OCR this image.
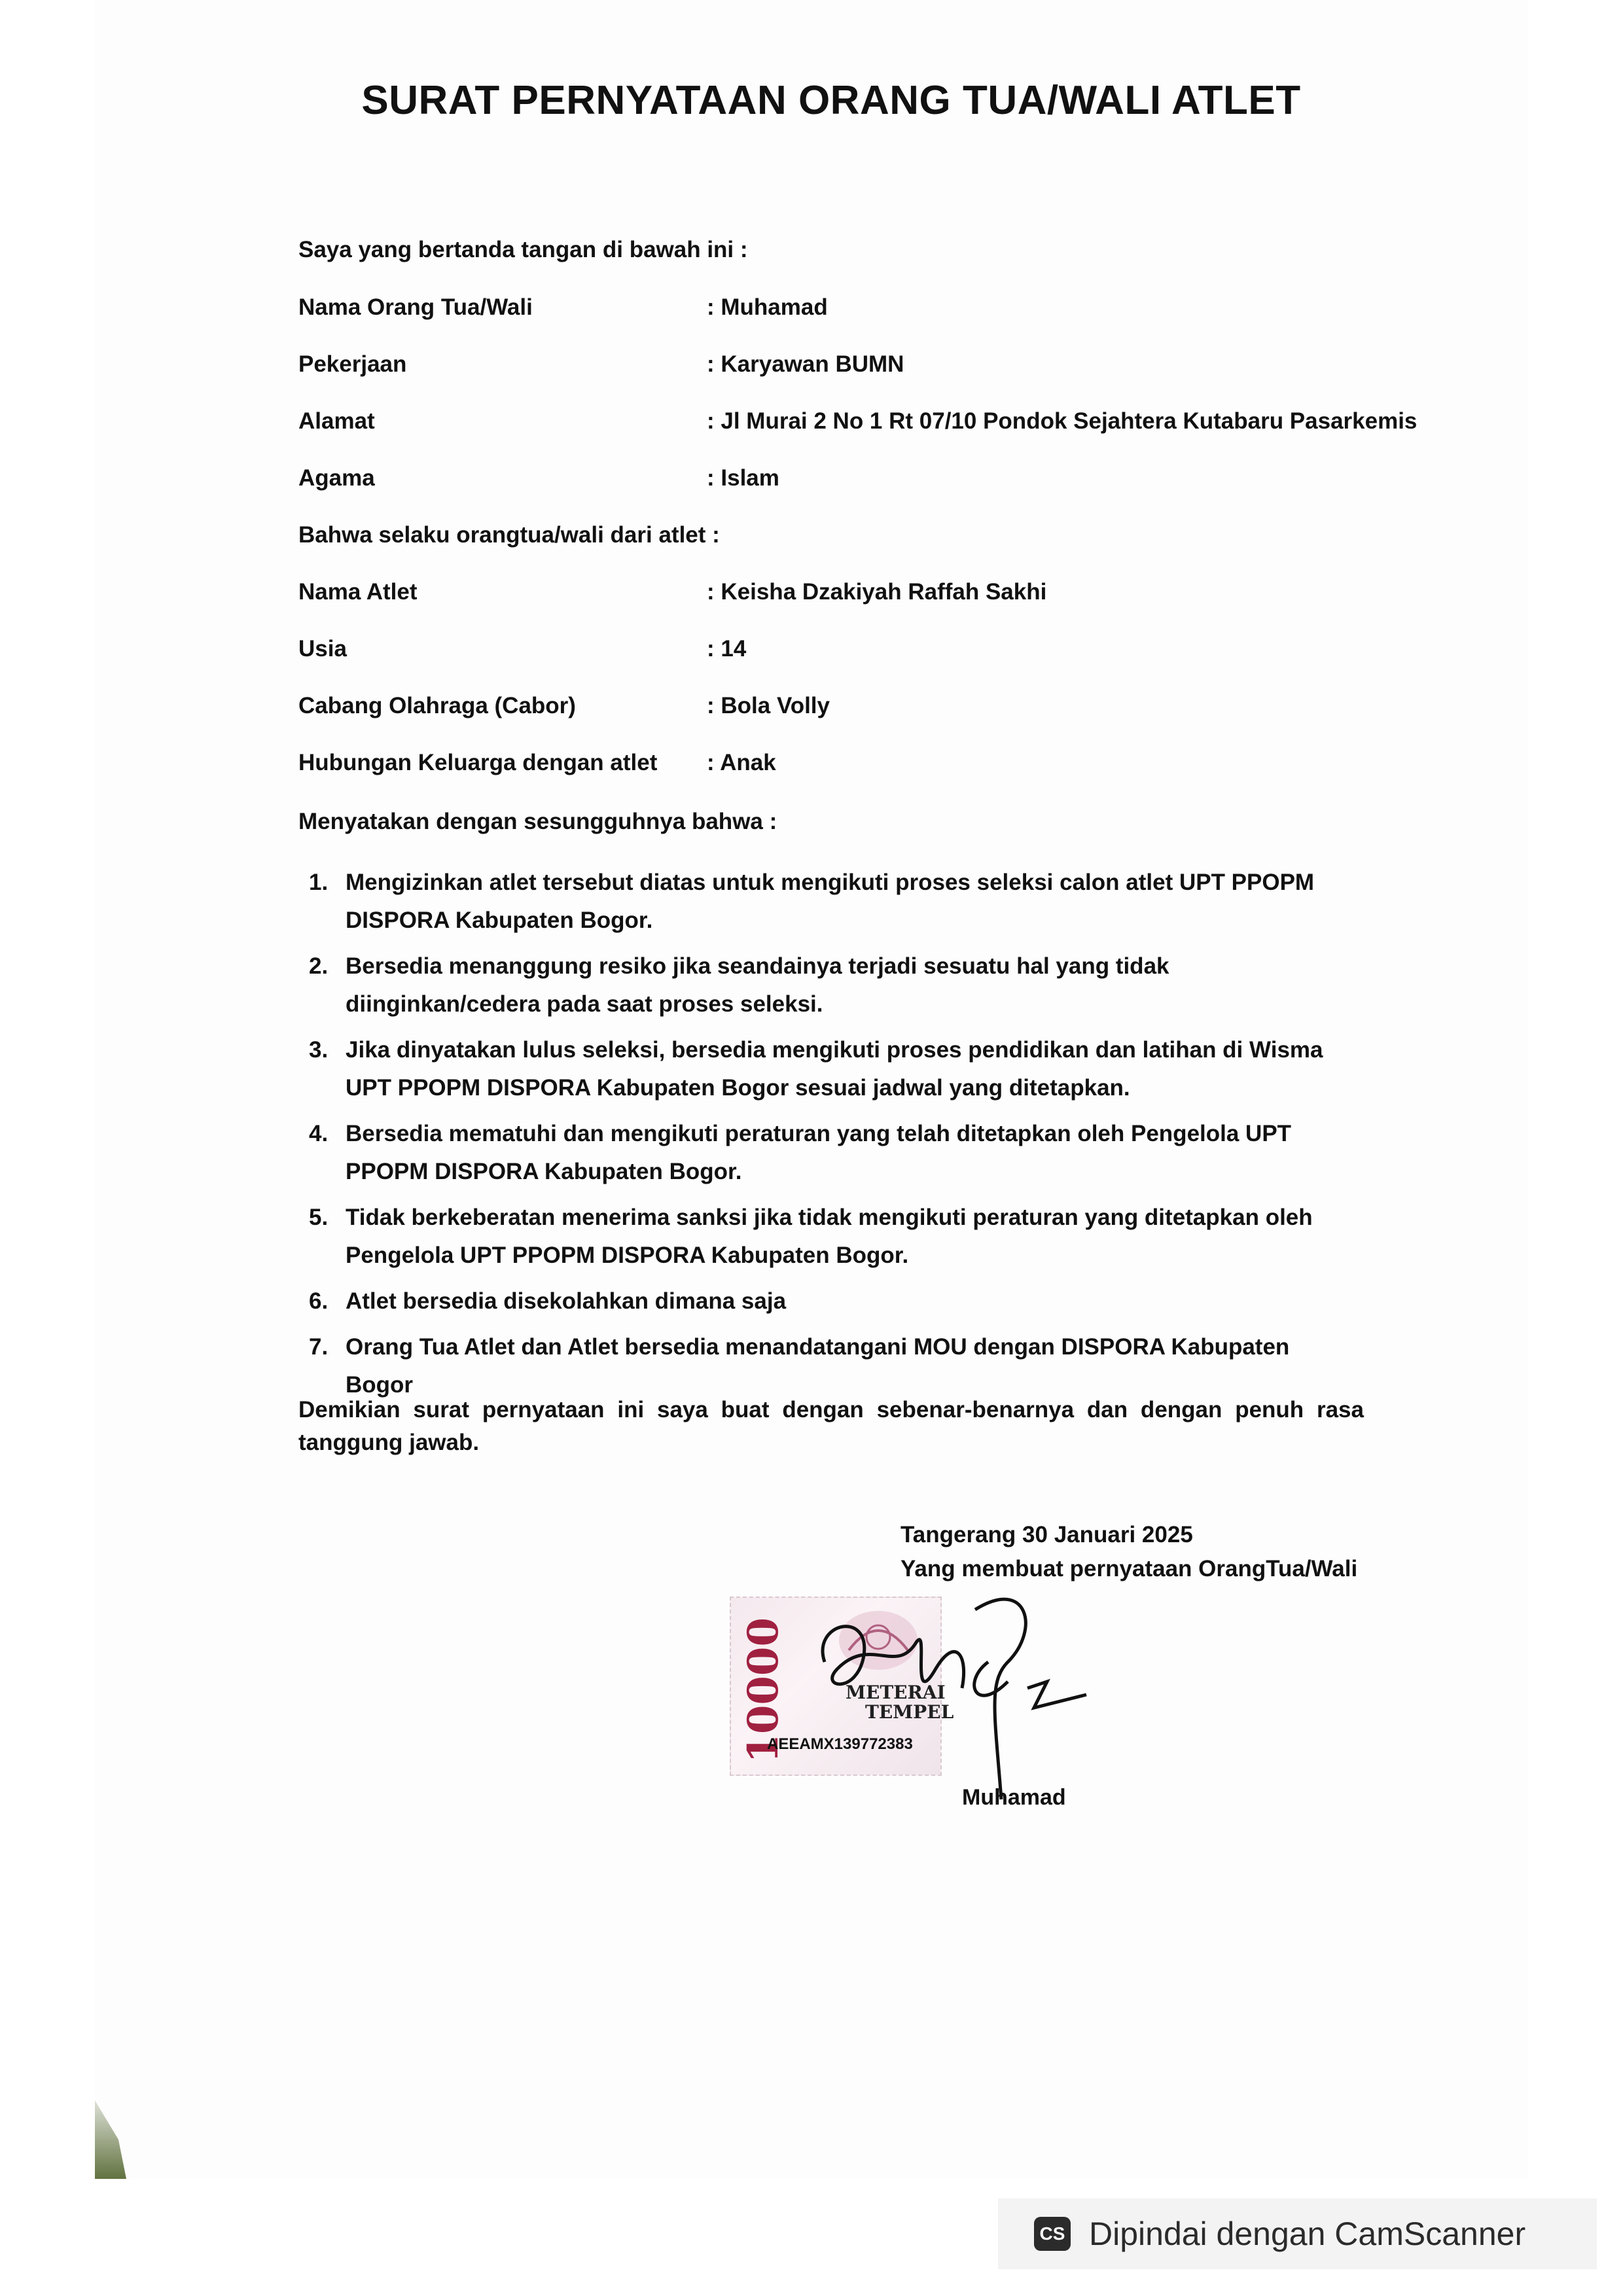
SURAT PERNYATAAN ORANG TUA/WALI ATLET
Saya yang bertanda tangan di bawah ini :
Nama Orang Tua/Wali	: Muhamad
Pekerjaan	: Karyawan BUMN
Alamat	: Jl Murai 2 No 1 Rt 07/10 Pondok Sejahtera Kutabaru Pasarkemis
Agama	: Islam
Bahwa selaku orangtua/wali dari atlet :
Nama Atlet	: Keisha Dzakiyah Raffah Sakhi
Usia	: 14
Cabang Olahraga (Cabor)	: Bola Volly
Hubungan Keluarga dengan atlet : Anak
Menyatakan dengan sesungguhnya bahwa :
1. Mengizinkan atlet tersebut diatas untuk mengikuti proses seleksi calon atlet UPT PPOPM DISPORA Kabupaten Bogor.
2. Bersedia menanggung resiko jika seandainya terjadi sesuatu hal yang tidak diinginkan/cedera pada saat proses seleksi.
3. Jika dinyatakan lulus seleksi, bersedia mengikuti proses pendidikan dan latihan di Wisma UPT PPOPM DISPORA Kabupaten Bogor sesuai jadwal yang ditetapkan.
4. Bersedia mematuhi dan mengikuti peraturan yang telah ditetapkan oleh Pengelola UPT PPOPM DISPORA Kabupaten Bogor.
5. Tidak berkeberatan menerima sanksi jika tidak mengikuti peraturan yang ditetapkan oleh Pengelola UPT PPOPM DISPORA Kabupaten Bogor.
6. Atlet bersedia disekolahkan dimana saja
7. Orang Tua Atlet dan Atlet bersedia menandatangani MOU dengan DISPORA Kabupaten Bogor
Demikian surat pernyataan ini saya buat dengan sebenar-benarnya dan dengan penuh rasa tanggung jawab.
Tangerang 30 Januari 2025
Yang membuat pernyataan OrangTua/Wali
10000	METERAI
TEMPEL
AEEAMX139772383
Muhamad
CS Dipindai dengan CamScanner
